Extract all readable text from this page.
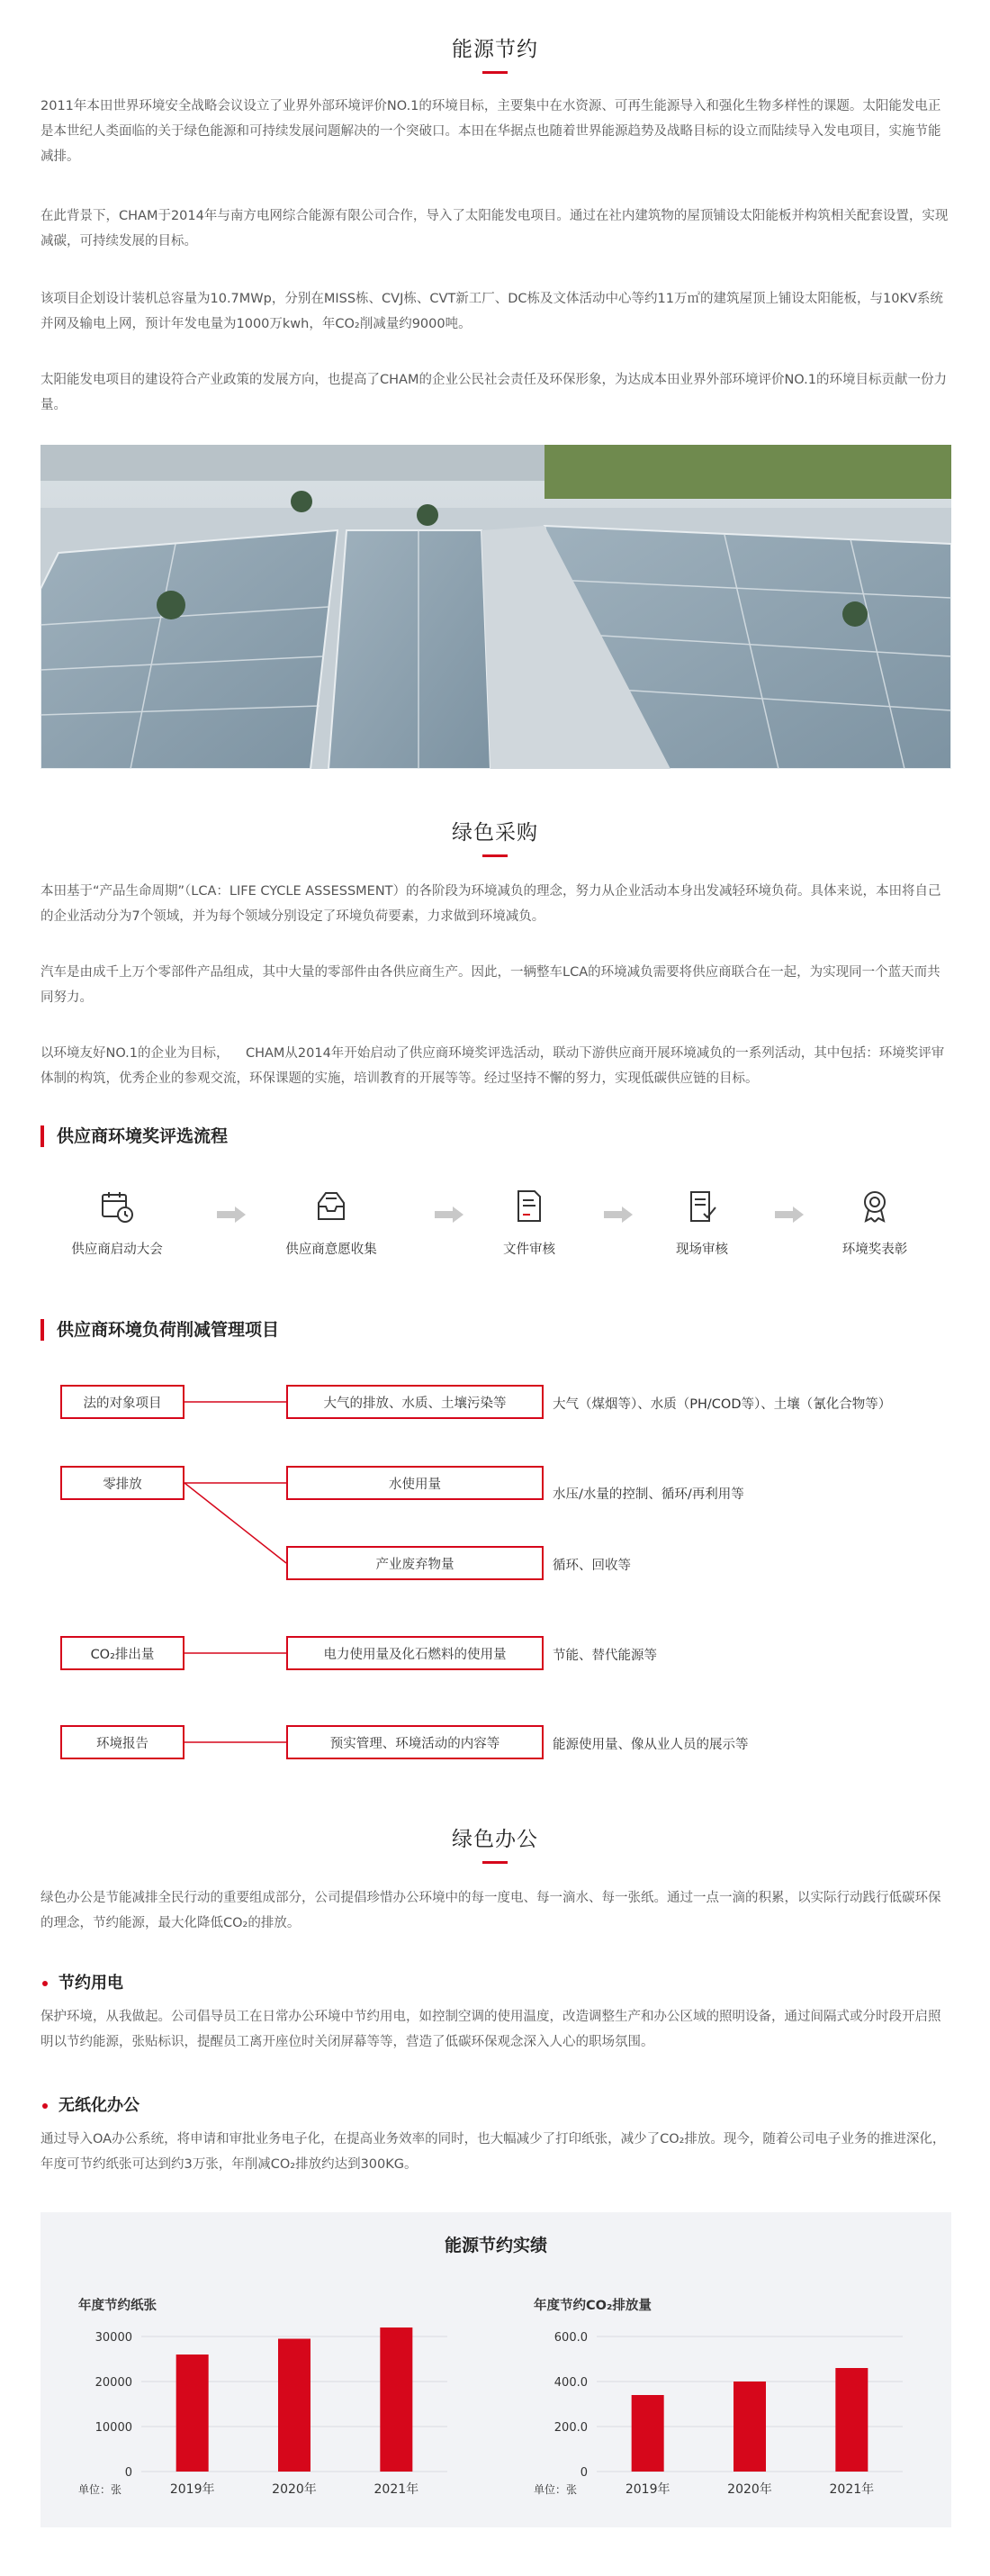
能源节约

2011年本田世界环境安全战略会议设立了业界外部环境评价NO.1的环境目标，主要集中在水资源、可再生能源导入和强化生物多样性的课题。太阳能发电正是本世纪人类面临的关于绿色能源和可持续发展问题解决的一个突破口。本田在华据点也随着世界能源趋势及战略目标的设立而陆续导入发电项目，实施节能减排。

在此背景下，CHAM于2014年与南方电网综合能源有限公司合作，导入了太阳能发电项目。通过在社内建筑物的屋顶铺设太阳能板并构筑相关配套设置，实现减碳，可持续发展的目标。

该项目企划设计装机总容量为10.7MWp，分别在MISS栋、CVJ栋、CVT新工厂、DC栋及文体活动中心等约11万㎡的建筑屋顶上铺设太阳能板，与10KV系统并网及输电上网，预计年发电量为1000万kwh，年CO₂削减量约9000吨。

太阳能发电项目的建设符合产业政策的发展方向，也提高了CHAM的企业公民社会责任及环保形象，为达成本田业界外部环境评价NO.1的环境目标贡献一份力量。

绿色采购

本田基于“产品生命周期”（LCA：LIFE CYCLE ASSESSMENT）的各阶段为环境减负的理念，努力从企业活动本身出发减轻环境负荷。具体来说，本田将自己的企业活动分为7个领域，并为每个领域分别设定了环境负荷要素，力求做到环境减负。

汽车是由成千上万个零部件产品组成，其中大量的零部件由各供应商生产。因此，一辆整车LCA的环境减负需要将供应商联合在一起，为实现同一个蓝天而共同努力。

以环境友好NO.1的企业为目标，    CHAM从2014年开始启动了供应商环境奖评选活动，联动下游供应商开展环境减负的一系列活动，其中包括：环境奖评审体制的构筑，优秀企业的参观交流，环保课题的实施，培训教育的开展等等。经过坚持不懈的努力，实现低碳供应链的目标。

供应商环境奖评选流程
供应商启动大会	供应商意愿收集	文件审核	现场审核	环境奖表彰
供应商环境负荷削减管理项目
法的对象项目
零排放
CO₂排出量
环境报告
大气的排放、水质、土壤污染等
水使用量
产业废弃物量
电力使用量及化石燃料的使用量
预实管理、环境活动的内容等
大气（煤烟等）、水质（PH/COD等）、土壤（氰化合物等）
水压/水量的控制、循环/再利用等
循环、回收等
节能、替代能源等
能源使用量、像从业人员的展示等
绿色办公

绿色办公是节能减排全民行动的重要组成部分，公司提倡珍惜办公环境中的每一度电、每一滴水、每一张纸。通过一点一滴的积累，以实际行动践行低碳环保的理念，节约能源，最大化降低CO₂的排放。

节约用电

保护环境，从我做起。公司倡导员工在日常办公环境中节约用电，如控制空调的使用温度，改造调整生产和办公区域的照明设备，通过间隔式或分时段开启照明以节约能源，张贴标识，提醒员工离开座位时关闭屏幕等等，营造了低碳环保观念深入人心的职场氛围。

无纸化办公

通过导入OA办公系统，将申请和审批业务电子化，在提高业务效率的同时，也大幅减少了打印纸张，减少了CO₂排放。现今，随着公司电子业务的推进深化，年度可节约纸张可达到约3万张，年削减CO₂排放约达到300KG。

能源节约实绩
年度节约纸张
0
10000
20000
30000
2019年	2020年	2021年
单位：张
年度节约CO₂排放量
0
200.0
400.0
600.0
2019年	2020年	2021年
单位：张
